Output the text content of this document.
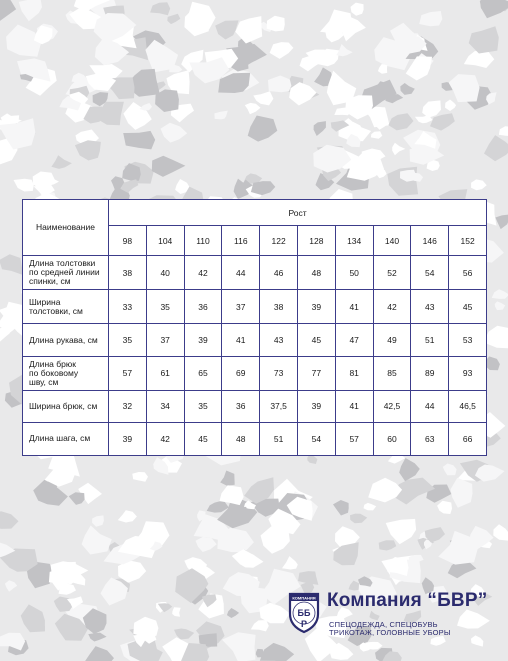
Наименование	Рост									
	98	104	110	116	122	128	134	140	146	152

Длина толстовки
по средней линии
спинки, см	38	40	42	44	46	48	50	52	54	56

Ширина
толстовки, см	33	35	36	37	38	39	41	42	43	45

Длина рукава, см	35	37	39	41	43	45	47	49	51	53

Длина брюк
по боковому
шву, см	57	61	65	69	73	77	81	85	89	93

Ширина брюк, см	32	34	35	36	37,5	39	41	42,5	44	46,5

Длина шага, см	39	42	45	48	51	54	57	60	63	66
КОМПАНИЯ
ББ
Р
Компания “БВР”
СПЕЦОДЕЖДА, СПЕЦОБУВЬ
ТРИКОТАЖ, ГОЛОВНЫЕ УБОРЫ
